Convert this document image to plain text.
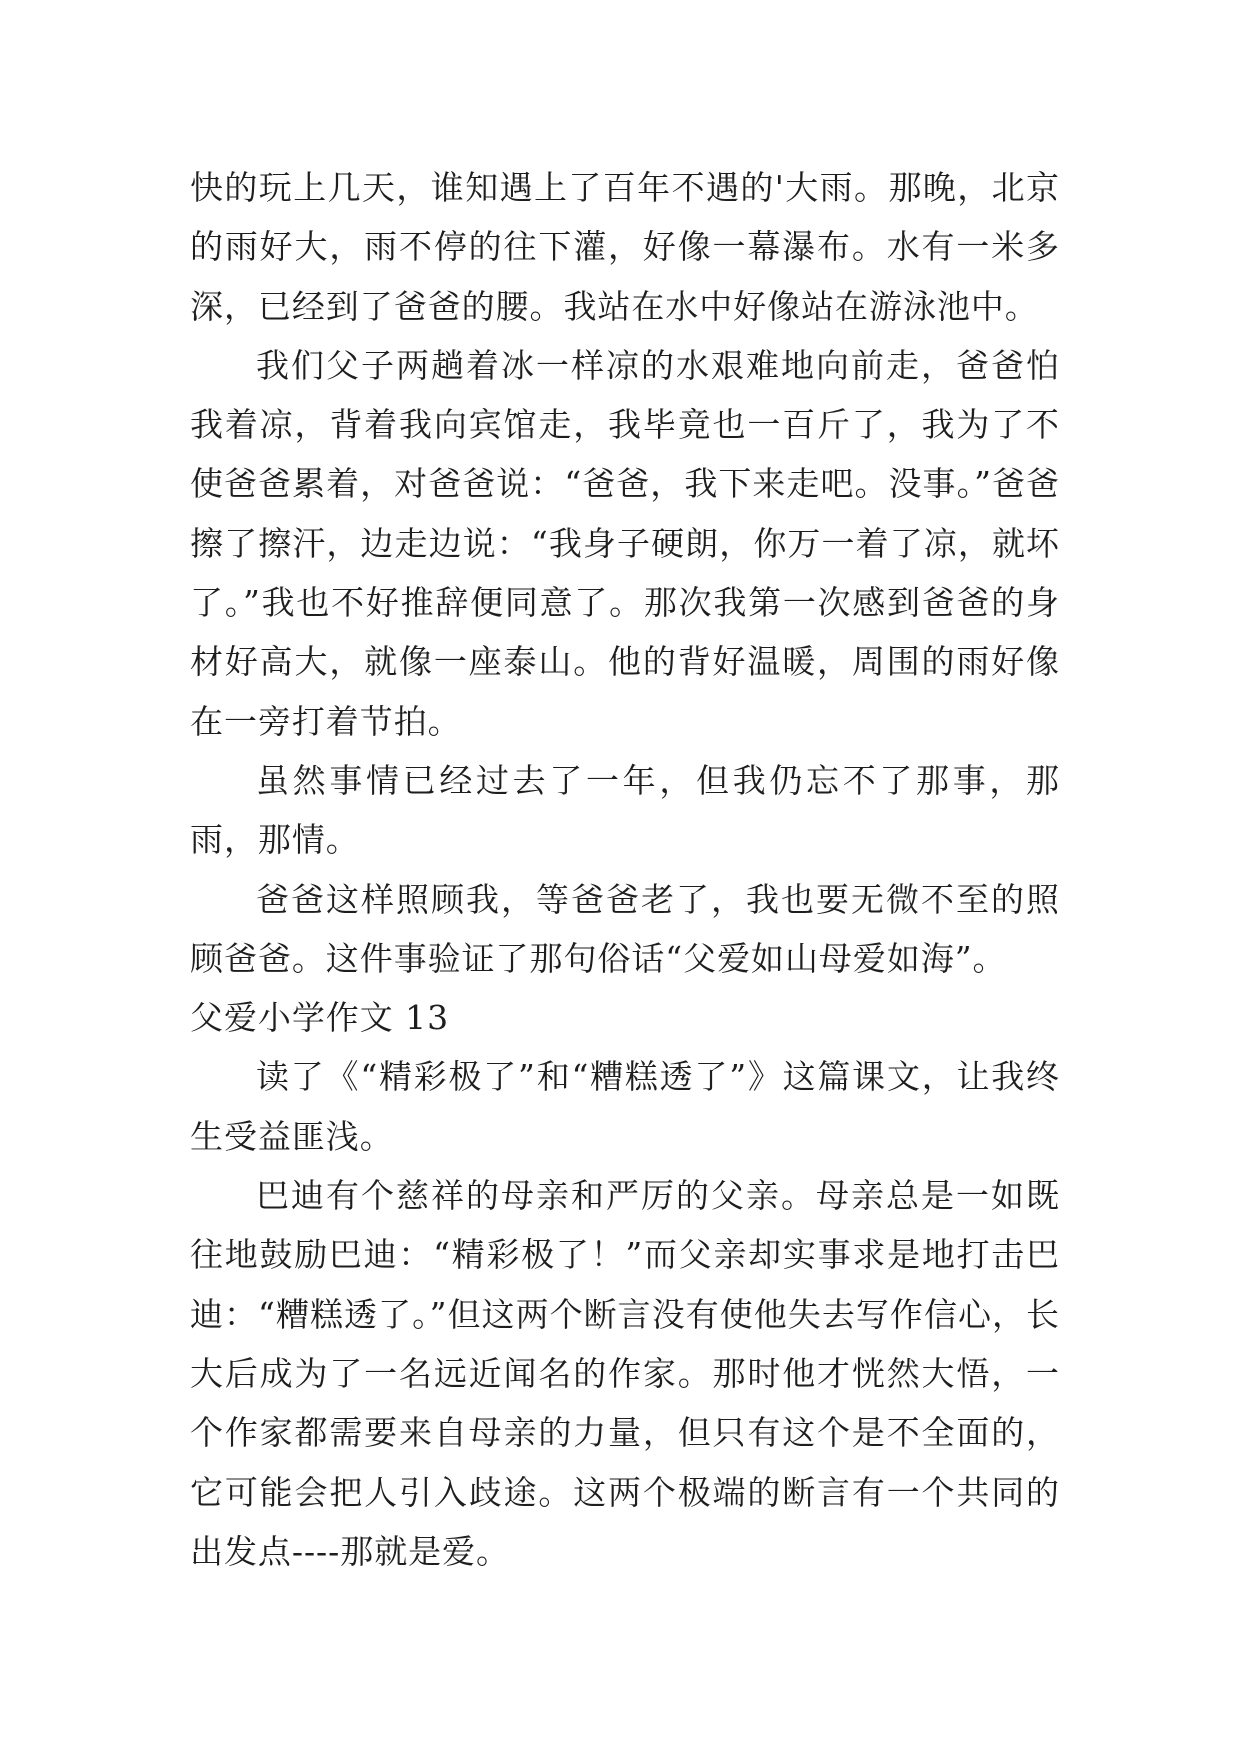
快的玩上几天，谁知遇上了百年不遇的'大雨。那晚，北京的雨好大，雨不停的往下灌，好像一幕瀑布。水有一米多深，已经到了爸爸的腰。我站在水中好像站在游泳池中。

我们父子两趟着冰一样凉的水艰难地向前走，爸爸怕我着凉，背着我向宾馆走，我毕竟也一百斤了，我为了不使爸爸累着，对爸爸说：“爸爸，我下来走吧。没事。”爸爸擦了擦汗，边走边说：“我身子硬朗，你万一着了凉，就坏了。”我也不好推辞便同意了。那次我第一次感到爸爸的身材好高大，就像一座泰山。他的背好温暖，周围的雨好像在一旁打着节拍。

虽然事情已经过去了一年，但我仍忘不了那事，那雨，那情。

爸爸这样照顾我，等爸爸老了，我也要无微不至的照顾爸爸。这件事验证了那句俗话“父爱如山母爱如海”。

父爱小学作文 13

读了《“精彩极了”和“糟糕透了”》这篇课文，让我终生受益匪浅。

巴迪有个慈祥的母亲和严厉的父亲。母亲总是一如既往地鼓励巴迪：“精彩极了！”而父亲却实事求是地打击巴迪：“糟糕透了。”但这两个断言没有使他失去写作信心，长大后成为了一名远近闻名的作家。那时他才恍然大悟，一个作家都需要来自母亲的力量，但只有这个是不全面的，它可能会把人引入歧途。这两个极端的断言有一个共同的出发点----那就是爱。
